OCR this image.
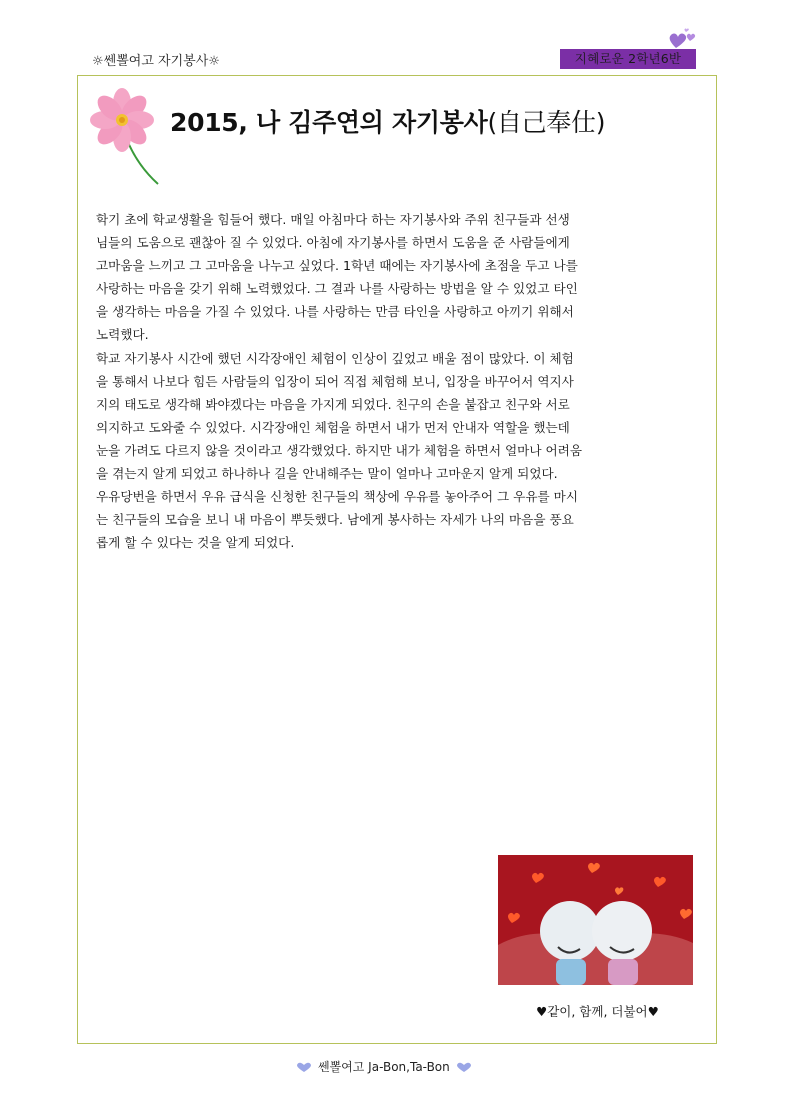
☼쎈뽈여고 자기봉사☼	지혜로운 2학년6반
2015, 나 김주연의 자기봉사(自己奉仕)

학기 초에 학교생활을 힘들어 했다. 매일 아침마다 하는 자기봉사와 주위 친구들과 선생
님들의 도움으로 괜찮아 질 수 있었다. 아침에 자기봉사를 하면서 도움을 준 사람들에게
고마움을 느끼고 그 고마움을 나누고 싶었다. 1학년 때에는 자기봉사에 초점을 두고 나를
사랑하는 마음을 갖기 위해 노력했었다. 그 결과 나를 사랑하는 방법을 알 수 있었고 타인
을 생각하는 마음을 가질 수 있었다. 나를 사랑하는 만큼 타인을 사랑하고 아끼기 위해서
노력했다.

학교 자기봉사 시간에 했던 시각장애인 체험이 인상이 깊었고 배울 점이 많았다. 이 체험
을 통해서 나보다 힘든 사람들의 입장이 되어 직접 체험해 보니, 입장을 바꾸어서 역지사
지의 태도로 생각해 봐야겠다는 마음을 가지게 되었다. 친구의 손을 붙잡고 친구와 서로
의지하고 도와줄 수 있었다. 시각장애인 체험을 하면서 내가 먼저 안내자 역할을 했는데
눈을 가려도 다르지 않을 것이라고 생각했었다. 하지만 내가 체험을 하면서 얼마나 어려움
을 겪는지 알게 되었고 하나하나 길을 안내해주는 말이 얼마나 고마운지 알게 되었다.

우유당번을 하면서 우유 급식을 신청한 친구들의 책상에 우유를 놓아주어 그 우유를 마시
는 친구들의 모습을 보니 내 마음이 뿌듯했다. 남에게 봉사하는 자세가 나의 마음을 풍요
롭게 할 수 있다는 것을 알게 되었다.

♥같이, 함께, 더불어♥
쎈뽈여고 Ja-Bon,Ta-Bon
